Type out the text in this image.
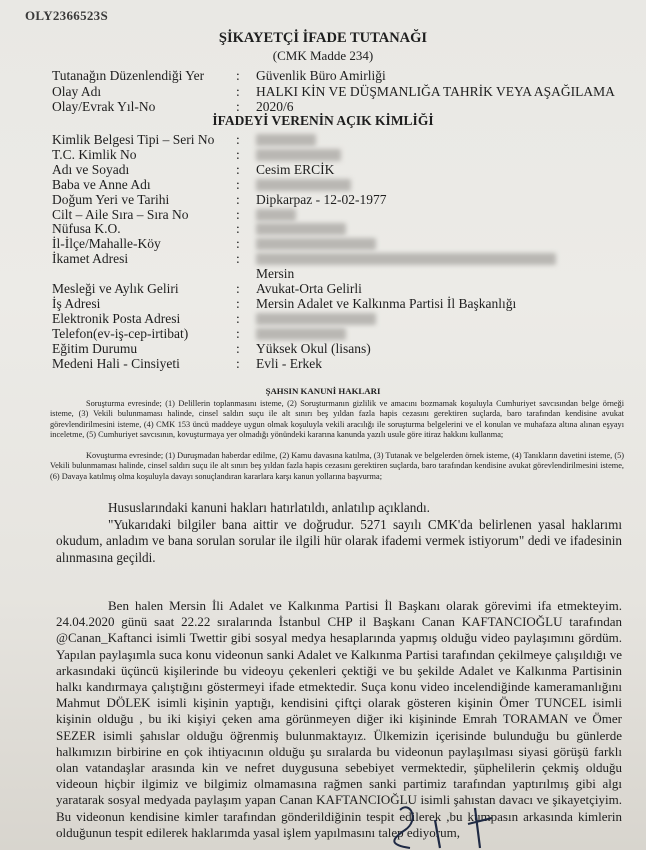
OLY2366523S
ŞİKAYETÇİ İFADE TUTANAĞI
(CMK Madde 234)
Tutanağın Düzenlendiği Yer : Güvenlik Büro Amirliği
Olay Adı	: HALKI KİN VE DÜŞMANLIĞA TAHRİK VEYA AŞAĞILAMA
Olay/Evrak Yıl-No	: 2020/6
İFADEYİ VERENİN AÇIK KİMLİĞİ
Kimlik Belgesi Tipi – Seri No :
T.C. Kimlik No	:
Adı ve Soyadı	: Cesim ERCİK
Baba ve Anne Adı	:
Doğum Yeri ve Tarihi	: Dipkarpaz - 12-02-1977
Cilt – Aile Sıra – Sıra No	:
Nüfusa K.O.	:
İl-İlçe/Mahalle-Köy	:
İkamet Adresi	:
Mersin
Mesleği ve Aylık Geliri	: Avukat-Orta Gelirli
İş Adresi	: Mersin Adalet ve Kalkınma Partisi İl Başkanlığı
Elektronik Posta Adresi	:
Telefon(ev-iş-cep-irtibat)	:
Eğitim Durumu	: Yüksek Okul (lisans)
Medeni Hali - Cinsiyeti	: Evli - Erkek
ŞAHSIN KANUNİ HAKLARI

Soruşturma evresinde; (1) Delillerin toplanmasını isteme, (2) Soruşturmanın gizlilik ve amacını bozmamak koşuluyla Cumhuriyet savcısından belge örneği isteme, (3) Vekili bulunmaması halinde, cinsel saldırı suçu ile alt sınırı beş yıldan fazla hapis cezasını gerektiren suçlarda, baro tarafından kendisine avukat görevlendirilmesini isteme, (4) CMK 153 üncü maddeye uygun olmak koşuluyla vekili aracılığı ile soruşturma belgelerini ve el konulan ve muhafaza altına alınan eşyayı inceletme, (5) Cumhuriyet savcısının, kovuşturmaya yer olmadığı yönündeki kararına kanunda yazılı usule göre itiraz hakkını kullanma;

Kovuşturma evresinde; (1) Duruşmadan haberdar edilme, (2) Kamu davasına katılma, (3) Tutanak ve belgelerden örnek isteme, (4) Tanıkların davetini isteme, (5) Vekili bulunmaması halinde, cinsel saldırı suçu ile alt sınırı beş yıldan fazla hapis cezasını gerektiren suçlarda, baro tarafından kendisine avukat görevlendirilmesini isteme, (6) Davaya katılmış olma koşuluyla davayı sonuçlandıran kararlara karşı kanun yollarına başvurma;

Hususlarındaki kanuni hakları hatırlatıldı, anlatılıp açıklandı.

"Yukarıdaki bilgiler bana aittir ve doğrudur. 5271 sayılı CMK'da belirlenen yasal haklarımı okudum, anladım ve bana sorulan sorular ile ilgili hür olarak ifademi vermek istiyorum" dedi ve ifadesinin alınmasına geçildi.

Ben halen Mersin İli Adalet ve Kalkınma Partisi İl Başkanı olarak görevimi ifa etmekteyim. 24.04.2020 günü saat 22.22 sıralarında İstanbul CHP il Başkanı Canan KAFTANCIOĞLU tarafından @Canan_Kaftanci isimli Twettir gibi sosyal medya hesaplarında yapmış olduğu video paylaşımını gördüm. Yapılan paylaşımla suca konu videonun sanki Adalet ve Kalkınma Partisi tarafından çekilmeye çalışıldığı ve arkasındaki üçüncü kişilerinde bu videoyu çekenleri çektiği ve bu şekilde Adalet ve Kalkınma Partisinin halkı kandırmaya çalıştığını göstermeyi ifade etmektedir. Suça konu video incelendiğinde kameramanlığını Mahmut DÖLEK isimli kişinin yaptığı, kendisini çiftçi olarak gösteren kişinin Ömer TUNCEL isimli kişinin olduğu , bu iki kişiyi çeken ama görünmeyen diğer iki kişininde Emrah TORAMAN ve Ömer SEZER isimli şahıslar olduğu öğrenmiş bulunmaktayız. Ülkemizin içerisinde bulunduğu bu günlerde halkımızın birbirine en çok ihtiyacının olduğu şu sıralarda bu videonun paylaşılması siyasi görüşü farklı olan vatandaşlar arasında kin ve nefret duygusuna sebebiyet vermektedir, şüphelilerin çekmiş olduğu videoun hiçbir ilgimiz ve bilgimiz olmamasına rağmen sanki partimiz tarafından yaptırılmış gibi algı yaratarak sosyal medyada paylaşım yapan Canan KAFTANCIOĞLU isimli şahıstan davacı ve şikayetçiyim. Bu videonun kendisine kimler tarafından gönderildiğinin tespit edilerek ,bu kumpasın arkasında kimlerin olduğunun tespit edilerek haklarımda yasal işlem yapılmasını talep ediyorum,
